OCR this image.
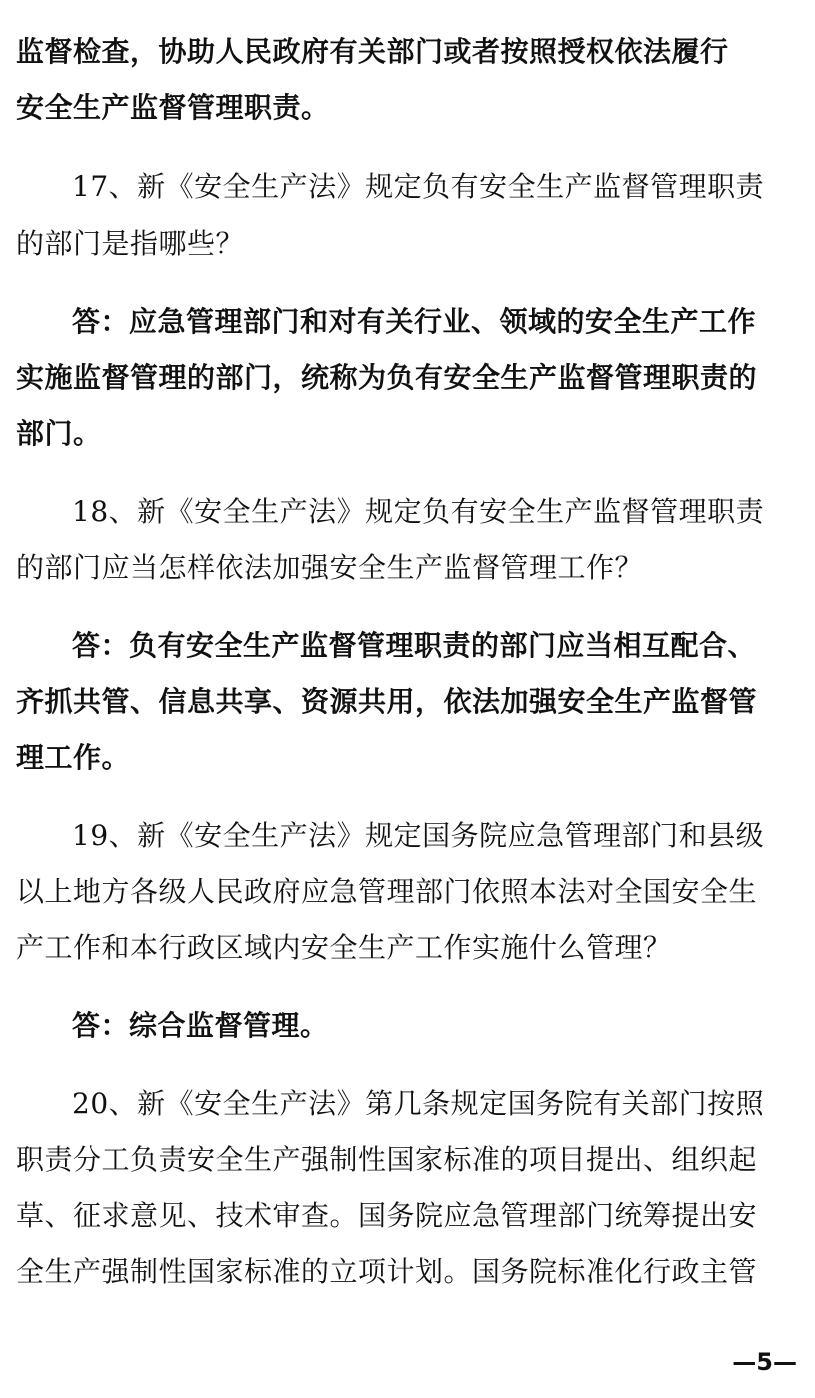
监督检查，协助人民政府有关部门或者按照授权依法履行
安全生产监督管理职责。
17、新《安全生产法》规定负有安全生产监督管理职责
的部门是指哪些？
答：应急管理部门和对有关行业、领域的安全生产工作
实施监督管理的部门，统称为负有安全生产监督管理职责的
部门。
18、新《安全生产法》规定负有安全生产监督管理职责
的部门应当怎样依法加强安全生产监督管理工作？
答：负有安全生产监督管理职责的部门应当相互配合、
齐抓共管、信息共享、资源共用，依法加强安全生产监督管
理工作。
19、新《安全生产法》规定国务院应急管理部门和县级
以上地方各级人民政府应急管理部门依照本法对全国安全生
产工作和本行政区域内安全生产工作实施什么管理？
答：综合监督管理。
20、新《安全生产法》第几条规定国务院有关部门按照
职责分工负责安全生产强制性国家标准的项目提出、组织起
草、征求意见、技术审查。国务院应急管理部门统筹提出安
全生产强制性国家标准的立项计划。国务院标准化行政主管
—5—
